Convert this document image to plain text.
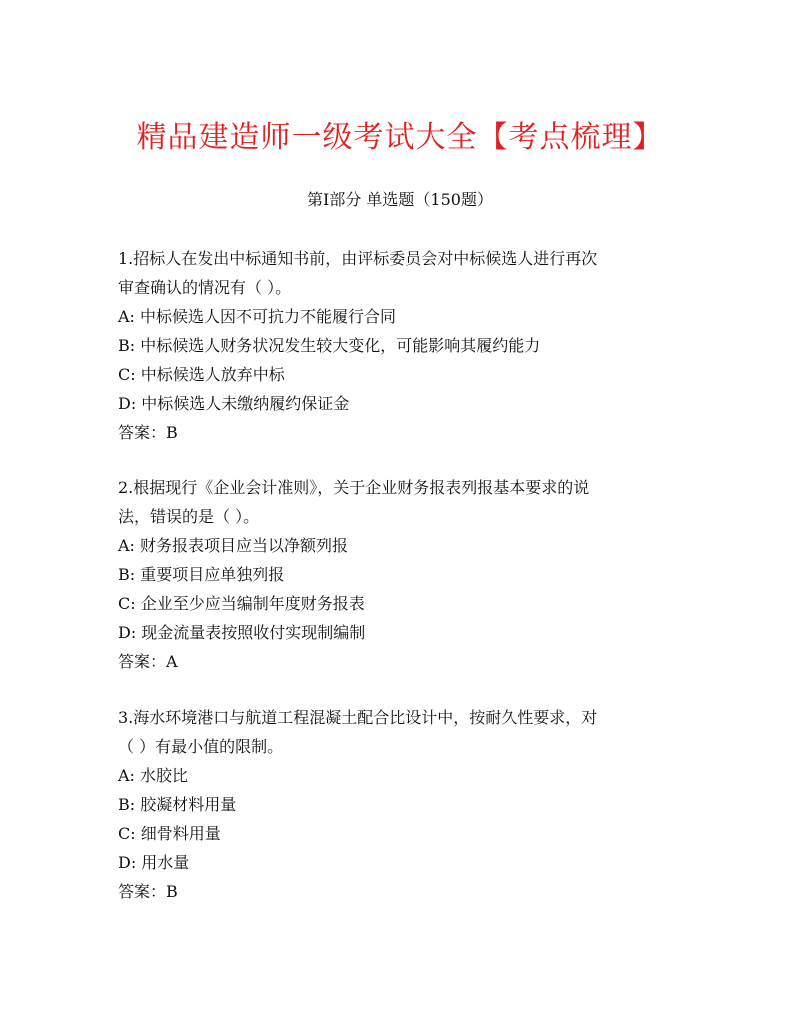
精品建造师一级考试大全【考点梳理】
第I部分 单选题（150题）
1.招标人在发出中标通知书前，由评标委员会对中标候选人进行再次
审查确认的情况有（ ）。
A: 中标候选人因不可抗力不能履行合同
B: 中标候选人财务状况发生较大变化，可能影响其履约能力
C: 中标候选人放弃中标
D: 中标候选人未缴纳履约保证金
答案：B
2.根据现行《企业会计准则》，关于企业财务报表列报基本要求的说
法，错误的是（ ）。
A: 财务报表项目应当以净额列报
B: 重要项目应单独列报
C: 企业至少应当编制年度财务报表
D: 现金流量表按照收付实现制编制
答案：A
3.海水环境港口与航道工程混凝土配合比设计中，按耐久性要求，对
（ ）有最小值的限制。
A: 水胶比
B: 胶凝材料用量
C: 细骨料用量
D: 用水量
答案：B
